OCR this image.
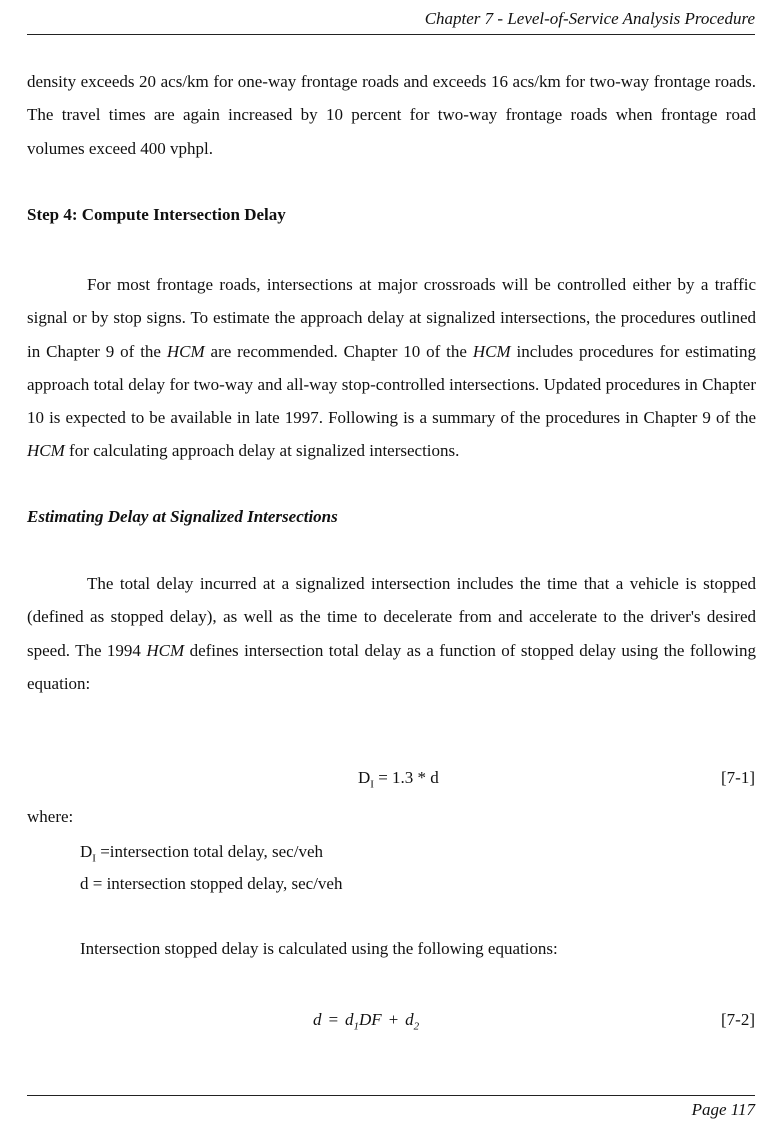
Chapter 7 - Level-of-Service Analysis Procedure

density exceeds 20 acs/km for one-way frontage roads and exceeds 16 acs/km for two-way frontage roads. The travel times are again increased by 10 percent for two-way frontage roads when frontage road volumes exceed 400 vphpl.

Step 4: Compute Intersection Delay

For most frontage roads, intersections at major crossroads will be controlled either by a traffic signal or by stop signs. To estimate the approach delay at signalized intersections, the procedures outlined in Chapter 9 of the HCM are recommended. Chapter 10 of the HCM includes procedures for estimating approach total delay for two-way and all-way stop-controlled intersections. Updated procedures in Chapter 10 is expected to be available in late 1997. Following is a summary of the procedures in Chapter 9 of the HCM for calculating approach delay at signalized intersections.

Estimating Delay at Signalized Intersections

The total delay incurred at a signalized intersection includes the time that a vehicle is stopped (defined as stopped delay), as well as the time to decelerate from and accelerate to the driver's desired speed. The 1994 HCM defines intersection total delay as a function of stopped delay using the following equation:

$D_I = 1.3 * d$	[7-1]
where:
$D_I$ =intersection total delay, sec/veh
d = intersection stopped delay, sec/veh
Intersection stopped delay is calculated using the following equations:
$d = d_1DF + d_2$	[7-2]
Page 117
